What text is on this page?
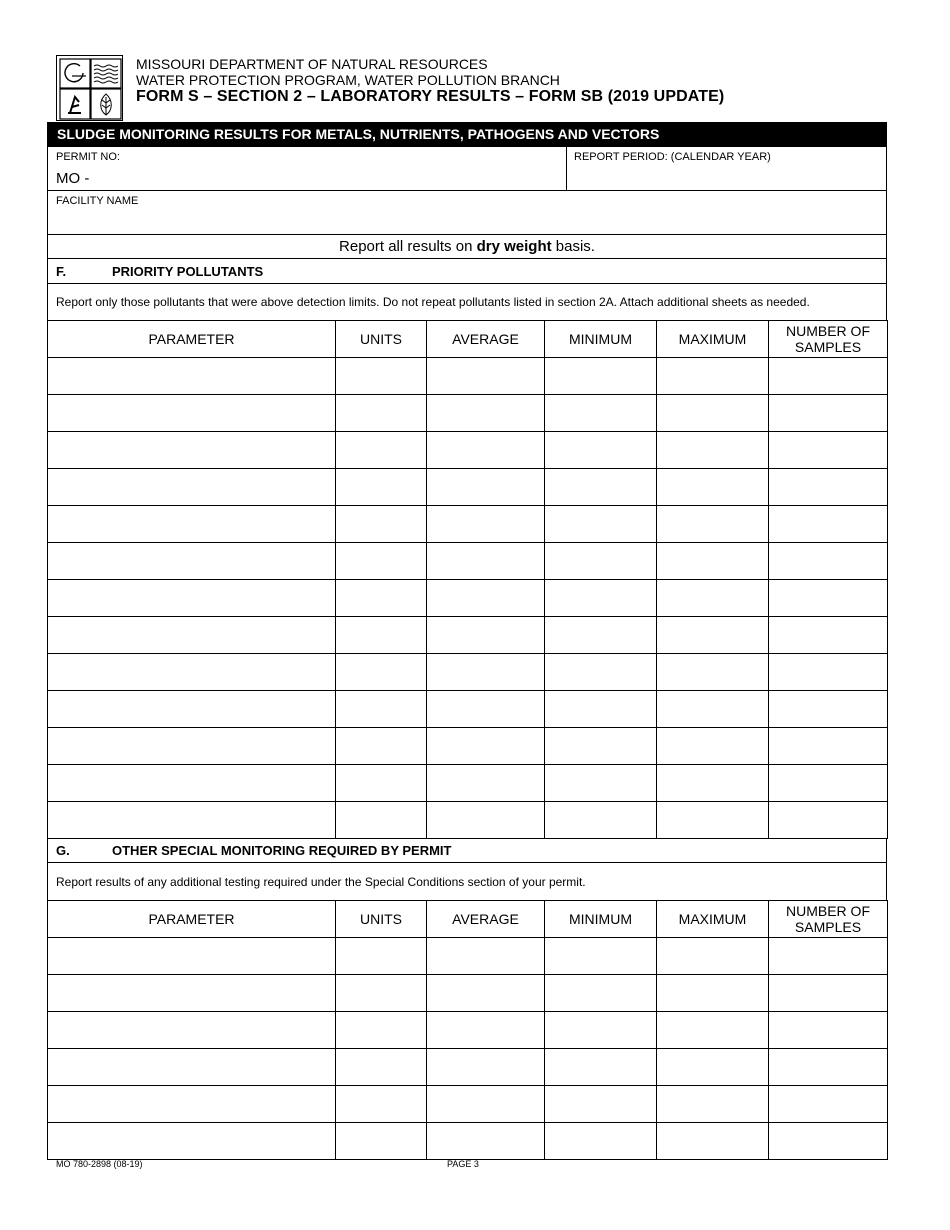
MISSOURI DEPARTMENT OF NATURAL RESOURCES
WATER PROTECTION PROGRAM, WATER POLLUTION BRANCH
FORM S – SECTION 2 – LABORATORY RESULTS – FORM SB (2019 UPDATE)
SLUDGE MONITORING RESULTS FOR METALS, NUTRIENTS, PATHOGENS AND VECTORS
PERMIT NO:
MO -
REPORT PERIOD: (CALENDAR YEAR)
FACILITY NAME
Report all results on dry weight basis.
F.	PRIORITY POLLUTANTS
Report only those pollutants that were above detection limits. Do not repeat pollutants listed in section 2A. Attach additional sheets as needed.
PARAMETER	UNITS	AVERAGE	MINIMUM	MAXIMUM	NUMBER OF SAMPLES

G.	OTHER SPECIAL MONITORING REQUIRED BY PERMIT
Report results of any additional testing required under the Special Conditions section of your permit.
PARAMETER	UNITS	AVERAGE	MINIMUM	MAXIMUM	NUMBER OF SAMPLES

MO 780-2898 (08-19)	PAGE 3
